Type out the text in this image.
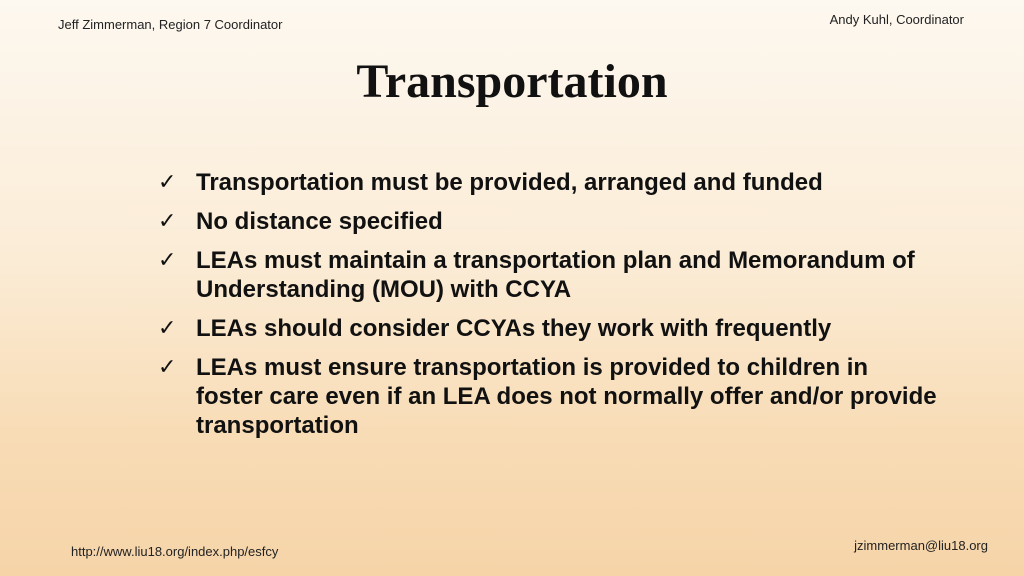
Jeff Zimmerman, Region 7 Coordinator	Andy Kuhl, Coordinator
Transportation
✓ Transportation must be provided, arranged and funded
✓ No distance specified
✓ LEAs must maintain a transportation plan and Memorandum of Understanding (MOU) with CCYA
✓ LEAs should consider CCYAs they work with frequently
✓ LEAs must ensure transportation is provided to children in foster care even if an LEA does not normally offer and/or provide transportation
http://www.liu18.org/index.php/esfcy	jzimmerman@liu18.org
